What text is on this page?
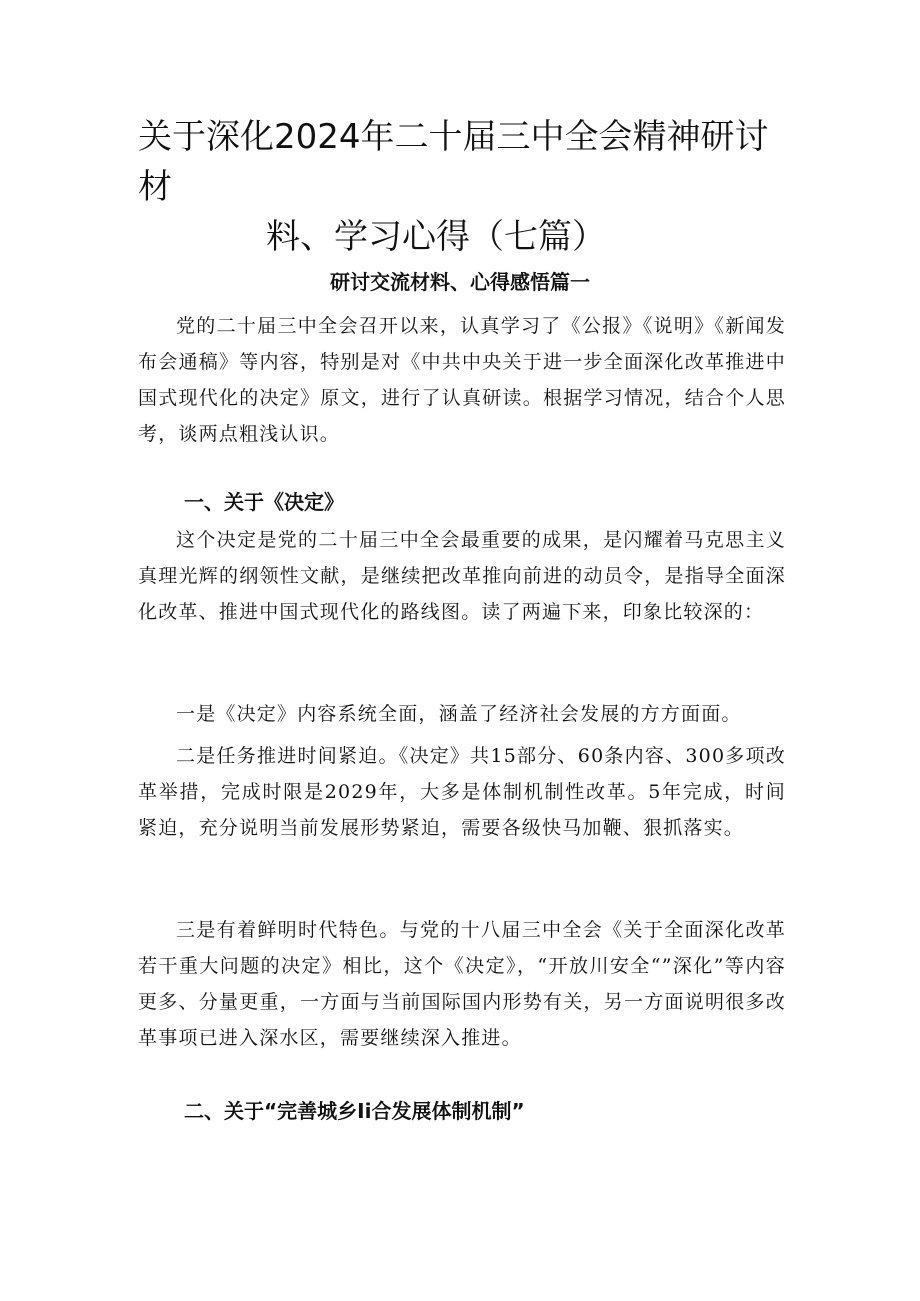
关于深化2024年二十届三中全会精神研讨材
料、学习心得（七篇）
研讨交流材料、心得感悟篇一

党的二十届三中全会召开以来，认真学习了《公报》《说明》《新闻发布会通稿》等内容，特别是对《中共中央关于进一步全面深化改革推进中国式现代化的决定》原文，进行了认真研读。根据学习情况，结合个人思考，谈两点粗浅认识。

一、关于《决定》

这个决定是党的二十届三中全会最重要的成果，是闪耀着马克思主义真理光辉的纲领性文献，是继续把改革推向前进的动员令，是指导全面深化改革、推进中国式现代化的路线图。读了两遍下来，印象比较深的：

一是《决定》内容系统全面，涵盖了经济社会发展的方方面面。

二是任务推进时间紧迫。《决定》共15部分、60条内容、300多项改革举措，完成时限是2029年，大多是体制机制性改革。5年完成，时间紧迫，充分说明当前发展形势紧迫，需要各级快马加鞭、狠抓落实。

三是有着鲜明时代特色。与党的十八届三中全会《关于全面深化改革若干重大问题的决定》相比，这个《决定》，“开放川安全“”深化”等内容更多、分量更重，一方面与当前国际国内形势有关，另一方面说明很多改革事项已进入深水区，需要继续深入推进。

二、关于“完善城乡Ii合发展体制机制”
